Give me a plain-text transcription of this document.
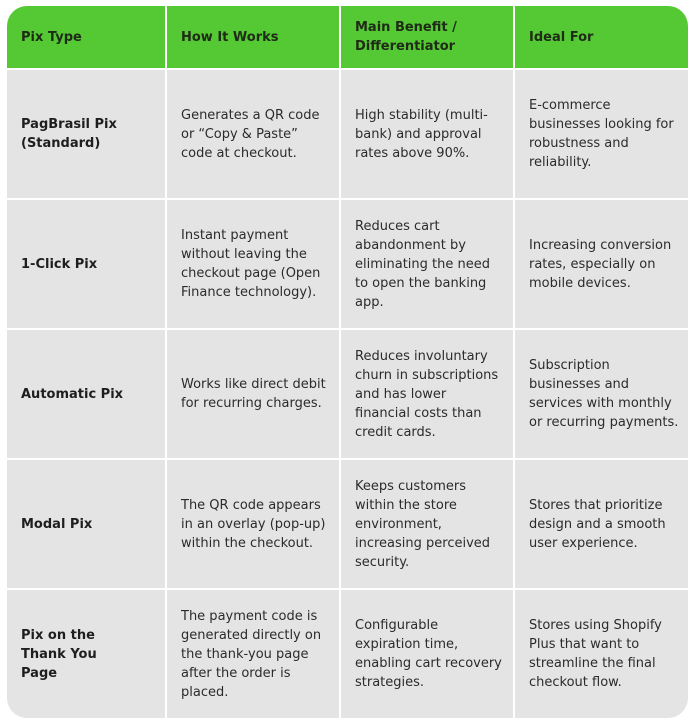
Pix Type	How It Works
Main Benefit / Differentiator
Ideal For
PagBrasil Pix (Standard)
Generates a QR code or “Copy & Paste” code at checkout.
High stability (multi-bank) and approval rates above 90%.
E-commerce businesses looking for robustness and reliability.
1-Click Pix
Instant payment without leaving the checkout page (Open Finance technology).
Reduces cart abandonment by eliminating the need to open the banking app.
Increasing conversion rates, especially on mobile devices.
Automatic Pix
Works like direct debit for recurring charges.
Reduces involuntary churn in subscriptions and has lower financial costs than credit cards.
Subscription businesses and services with monthly or recurring payments.
Modal Pix
The QR code appears in an overlay (pop-up) within the checkout.
Keeps customers within the store environment, increasing perceived security.
Stores that prioritize design and a smooth user experience.
Pix on the Thank You Page
The payment code is generated directly on the thank-you page after the order is placed.
Configurable expiration time, enabling cart recovery strategies.
Stores using Shopify Plus that want to streamline the final checkout flow.
